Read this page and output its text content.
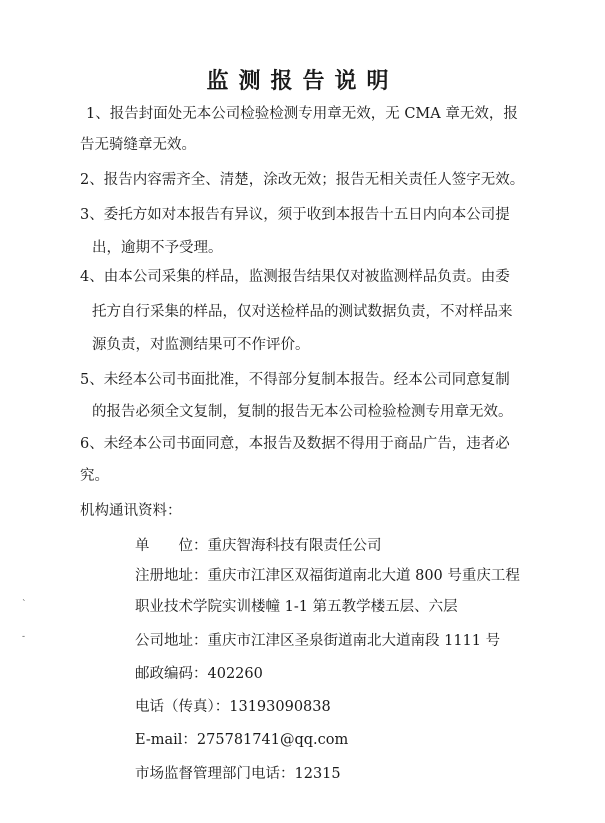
监测报告说明
1、报告封面处无本公司检验检测专用章无效，无 CMA 章无效，报
告无骑缝章无效。
2、报告内容需齐全、清楚，涂改无效；报告无相关责任人签字无效。
3、委托方如对本报告有异议，须于收到本报告十五日内向本公司提
出，逾期不予受理。
4、由本公司采集的样品，监测报告结果仅对被监测样品负责。由委
托方自行采集的样品，仅对送检样品的测试数据负责，不对样品来
源负责，对监测结果可不作评价。
5、未经本公司书面批准，不得部分复制本报告。经本公司同意复制
的报告必须全文复制，复制的报告无本公司检验检测专用章无效。
6、未经本公司书面同意，本报告及数据不得用于商品广告，违者必
究。
机构通讯资料：
单　　位：重庆智海科技有限责任公司
注册地址：重庆市江津区双福街道南北大道 800 号重庆工程
职业技术学院实训楼幢 1-1 第五教学楼五层、六层
公司地址：重庆市江津区圣泉街道南北大道南段 1111 号
邮政编码：402260
电话（传真）：13193090838
E-mail：275781741@qq.com
市场监督管理部门电话：12315
`
-
